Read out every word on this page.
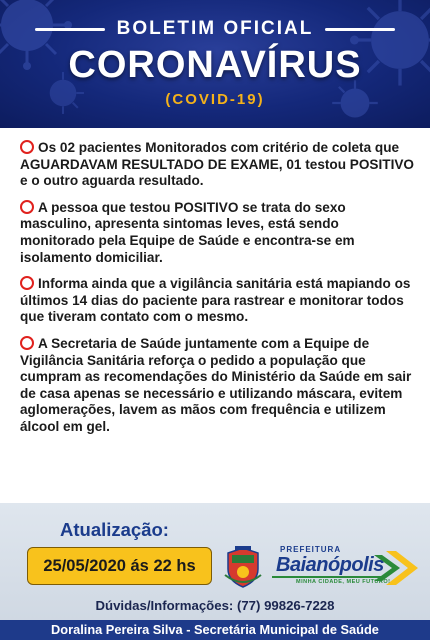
BOLETIM OFICIAL
CORONAVÍRUS
(COVID-19)

Os 02 pacientes Monitorados com critério de coleta que AGUARDAVAM RESULTADO DE EXAME, 01 testou POSITIVO e o outro aguarda resultado.

A pessoa que testou POSITIVO se trata do sexo masculino, apresenta sintomas leves, está sendo monitorado pela Equipe de Saúde e encontra-se em isolamento domiciliar.

Informa ainda que a vigilância sanitária está mapiando os últimos 14 dias do paciente para rastrear e monitorar todos que tiveram contato com o mesmo.

A Secretaria de Saúde juntamente com a Equipe de Vigilância Sanitária reforça o pedido a população que cumpram as recomendações do Ministério da Saúde em sair de casa apenas se necessário e utilizando máscara, evitem aglomerações, lavem as mãos com frequência e utilizem álcool em gel.

Atualização:
25/05/2020 ás 22 hs
PREFEITURA
Baianópolis
MINHA CIDADE, MEU FUTURO!
Dúvidas/Informações: (77) 99826-7228
Doralina Pereira Silva - Secretária Municipal de Saúde
